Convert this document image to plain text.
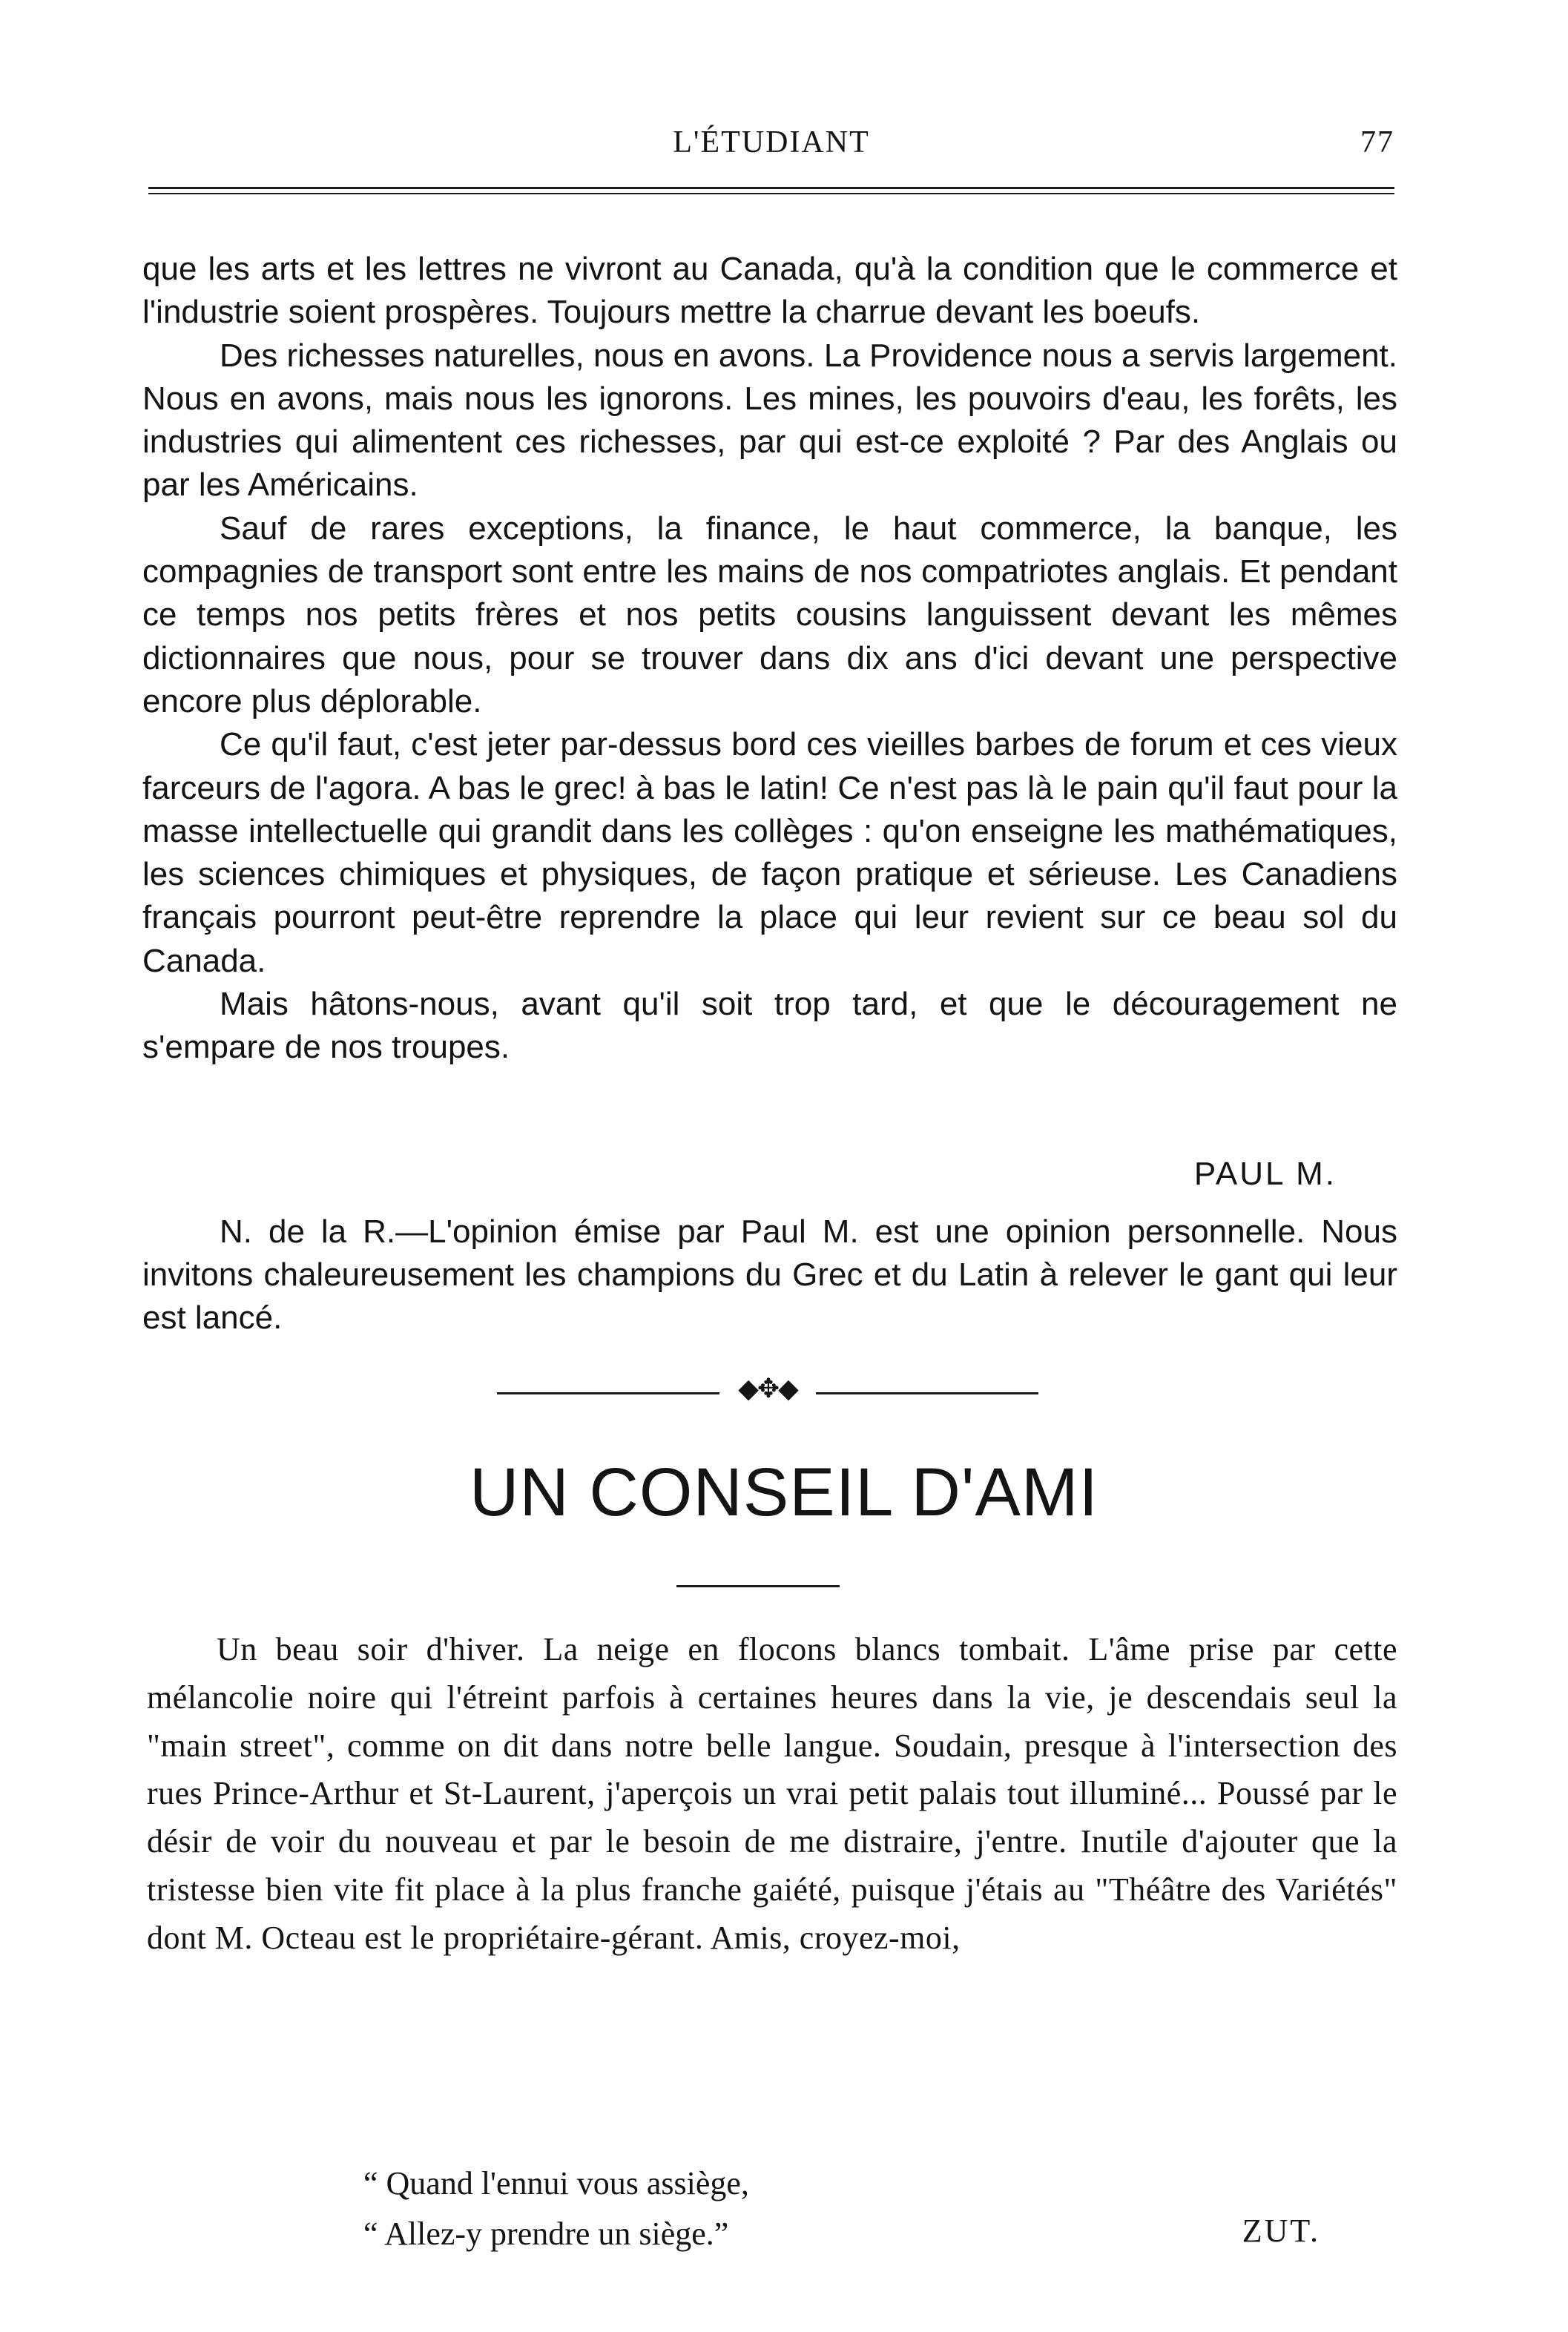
L'ÉTUDIANT	77

que les arts et les lettres ne vivront au Canada, qu'à la condition que le commerce et l'industrie soient prospères. Toujours mettre la charrue devant les boeufs.

Des richesses naturelles, nous en avons. La Providence nous a servis largement. Nous en avons, mais nous les ignorons. Les mines, les pouvoirs d'eau, les forêts, les industries qui alimentent ces richesses, par qui est-ce exploité ? Par des Anglais ou par les Américains.

Sauf de rares exceptions, la finance, le haut commerce, la banque, les compagnies de transport sont entre les mains de nos compatriotes anglais. Et pendant ce temps nos petits frères et nos petits cousins languissent devant les mêmes dictionnaires que nous, pour se trouver dans dix ans d'ici devant une perspective encore plus déplorable.

Ce qu'il faut, c'est jeter par-dessus bord ces vieilles barbes de forum et ces vieux farceurs de l'agora. A bas le grec! à bas le latin! Ce n'est pas là le pain qu'il faut pour la masse intellectuelle qui grandit dans les collèges : qu'on enseigne les mathématiques, les sciences chimiques et physiques, de façon pratique et sérieuse. Les Canadiens français pourront peut-être reprendre la place qui leur revient sur ce beau sol du Canada.

Mais hâtons-nous, avant qu'il soit trop tard, et que le découragement ne s'empare de nos troupes.

PAUL M.

N. de la R.—L'opinion émise par Paul M. est une opinion personnelle. Nous invitons chaleureusement les champions du Grec et du Latin à relever le gant qui leur est lancé.

◆✥◆
UN CONSEIL D'AMI

Un beau soir d'hiver. La neige en flocons blancs tombait. L'âme prise par cette mélancolie noire qui l'étreint parfois à certaines heures dans la vie, je descendais seul la "main street", comme on dit dans notre belle langue. Soudain, presque à l'intersection des rues Prince-Arthur et St-Laurent, j'aperçois un vrai petit palais tout illuminé... Poussé par le désir de voir du nouveau et par le besoin de me distraire, j'entre. Inutile d'ajouter que la tristesse bien vite fit place à la plus franche gaiété, puisque j'étais au "Théâtre des Variétés" dont M. Octeau est le propriétaire-gérant. Amis, croyez-moi,

“ Quand l'ennui vous assiège,
“ Allez-y prendre un siège.”	ZUT.
